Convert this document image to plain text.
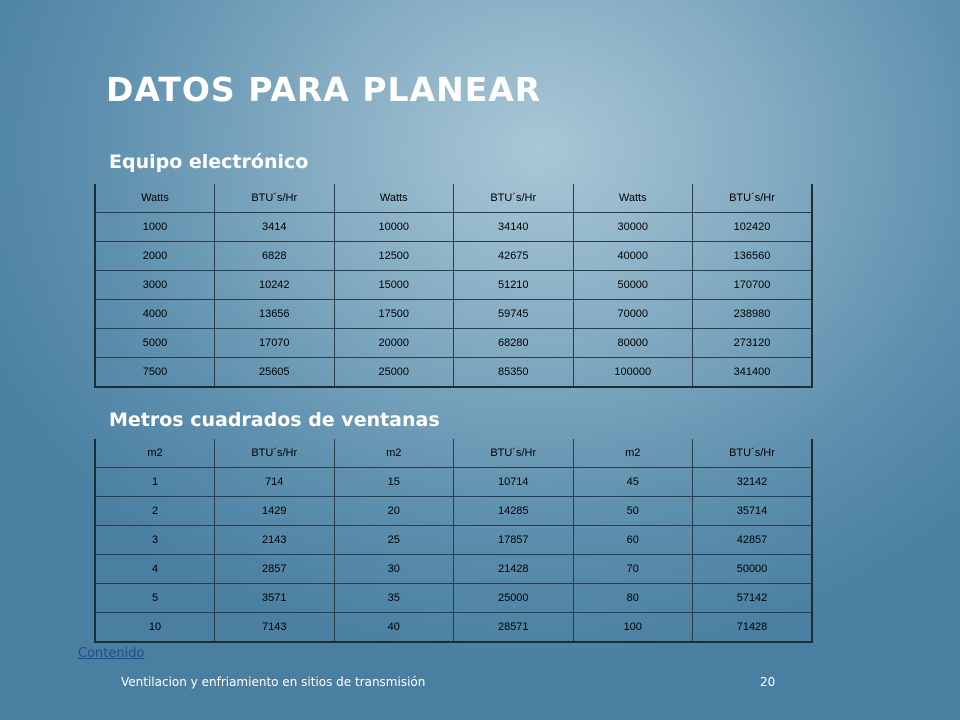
DATOS PARA PLANEAR
Equipo electrónico
Watts	BTU´s/Hr	Watts	BTU´s/Hr	Watts	BTU´s/Hr
1000	3414	10000	34140	30000	102420
2000	6828	12500	42675	40000	136560
3000	10242	15000	51210	50000	170700
4000	13656	17500	59745	70000	238980
5000	17070	20000	68280	80000	273120
7500	25605	25000	85350	100000	341400
Metros cuadrados de ventanas
m2	BTU´s/Hr	m2	BTU´s/Hr	m2	BTU´s/Hr
1	714	15	10714	45	32142
2	1429	20	14285	50	35714
3	2143	25	17857	60	42857
4	2857	30	21428	70	50000
5	3571	35	25000	80	57142
10	7143	40	28571	100	71428
Contenido
Ventilacion y enfriamiento en sitios de transmisión	20
